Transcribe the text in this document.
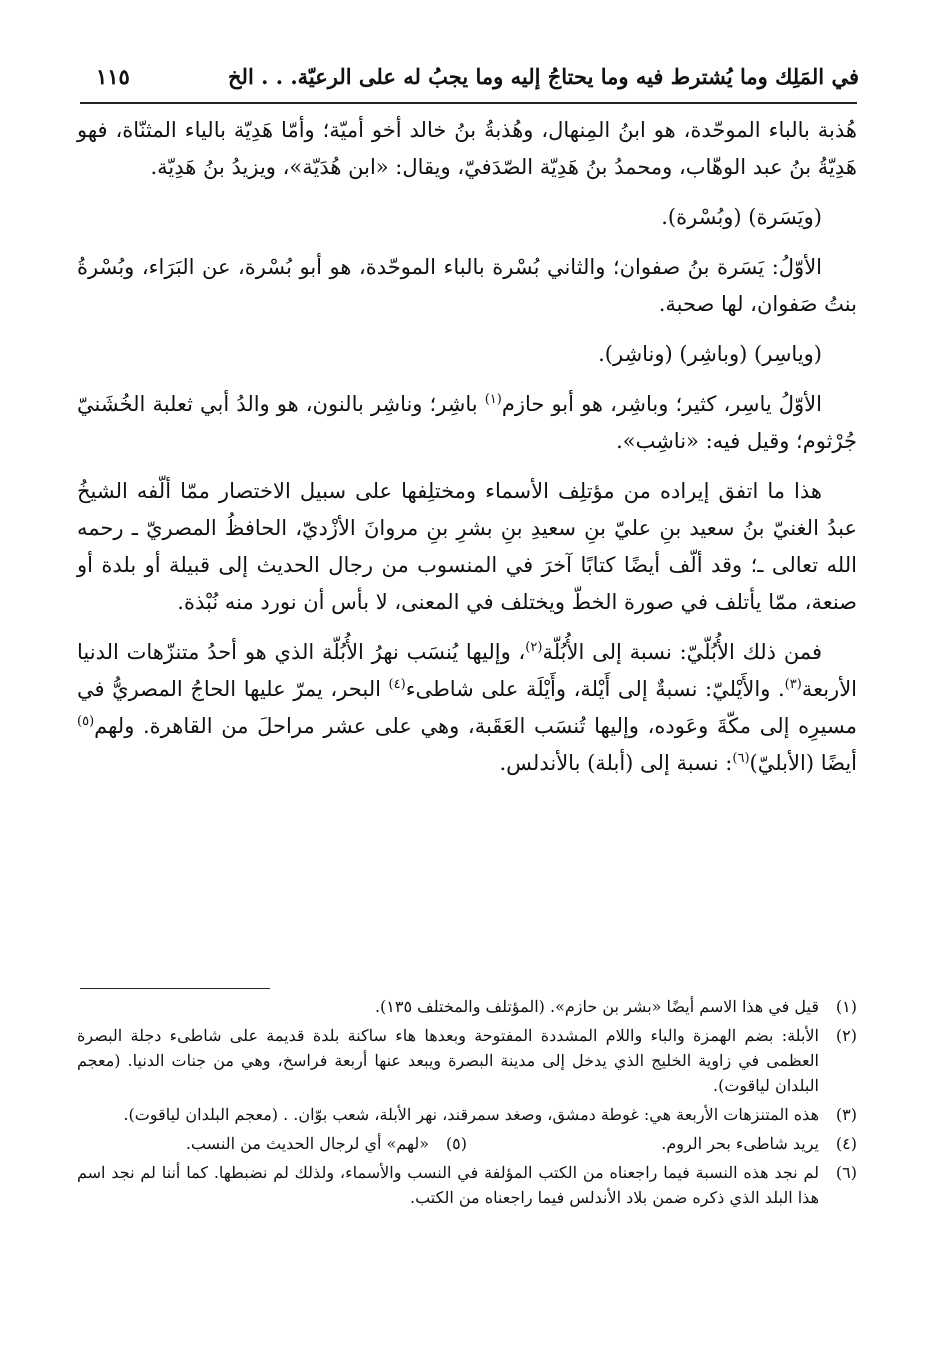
في المَلِك وما يُشترط فيه وما يحتاجُ إليه وما يجبُ له على الرعيّة. . . الخ
١١٥

هُذبة بالباء الموحّدة، هو ابنُ المِنهال، وهُذبةُ بنُ خالد أخو أميّة؛ وأمّا هَدِيّة بالياء المثنّاة، فهو هَدِيّةُ بنُ عبد الوهّاب، ومحمدُ بنُ هَدِيّة الصّدَفيّ، ويقال: «ابن هُدَيّة»، ويزيدُ بنُ هَدِيّة.

(ويَسَرة) (وبُسْرة).

الأوّلُ: يَسَرة بنُ صفوان؛ والثاني بُسْرة بالباء الموحّدة، هو أبو بُسْرة، عن البَرَاء، وبُسْرةُ بنتُ صَفوان، لها صحبة.

(وياسِر) (وباشِر) (وناشِر).

الأوّلُ ياسِر، كثير؛ وباشِر، هو أبو حازم$^{(١)}$ باشِر؛ وناشِر بالنون، هو والدُ أبي ثعلبة الخُشَنيّ جُرْثوم؛ وقيل فيه: «ناشِب».

هذا ما اتفق إيراده من مؤتلِف الأسماء ومختلِفها على سبيل الاختصار ممّا ألّفه الشيخُ عبدُ الغنيّ بنُ سعيد بنِ عليّ بنِ سعيدِ بنِ بشرِ بنِ مروانَ الأزْديّ، الحافظُ المصريّ ـ رحمه الله تعالى ـ؛ وقد ألّف أيضًا كتابًا آخرَ في المنسوب من رجال الحديث إلى قبيلة أو بلدة أو صنعة، ممّا يأتلف في صورة الخطّ ويختلف في المعنى، لا بأس أن نورد منه نُبْذة.

فمن ذلك الأُبُلّيّ: نسبة إلى الأُبُلّة$^{(٢)}$، وإليها يُنسَب نهرُ الأُبُلّة الذي هو أحدُ متنزّهات الدنيا الأربعة$^{(٣)}$. والأَيْليّ: نسبةٌ إلى أَيْلة، وأَيْلَة على شاطىء$^{(٤)}$ البحر، يمرّ عليها الحاجُ المصريُّ في مسيرِه إلى مكّةَ وعَوده، وإليها تُنسَب العَقَبة، وهي على عشر مراحلَ من القاهرة. ولهم$^{(٥)}$ أيضًا (الأبليّ)$^{(٦)}$: نسبة إلى (أبلة) بالأندلس.

(١)
قيل في هذا الاسم أيضًا «بشر بن حازم». (المؤتلف والمختلف ١٣٥).
(٢)
الأبلة: بضم الهمزة والباء واللام المشددة المفتوحة وبعدها هاء ساكنة بلدة قديمة على شاطىء دجلة البصرة العظمى في زاوية الخليج الذي يدخل إلى مدينة البصرة ويبعد عنها أربعة فراسخ، وهي من جنات الدنيا. (معجم البلدان لياقوت).
(٣)
هذه المتنزهات الأربعة هي: غوطة دمشق، وصغد سمرقند، نهر الأبلة، شعب بوّان. . (معجم البلدان لياقوت).
(٤)
يريد شاطىء بحر الروم.
(٥)
«لهم» أي لرجال الحديث من النسب.
(٦)
لم نجد هذه النسبة فيما راجعناه من الكتب المؤلفة في النسب والأسماء، ولذلك لم نضبطها. كما أننا لم نجد اسم هذا البلد الذي ذكره ضمن بلاد الأندلس فيما راجعناه من الكتب.
